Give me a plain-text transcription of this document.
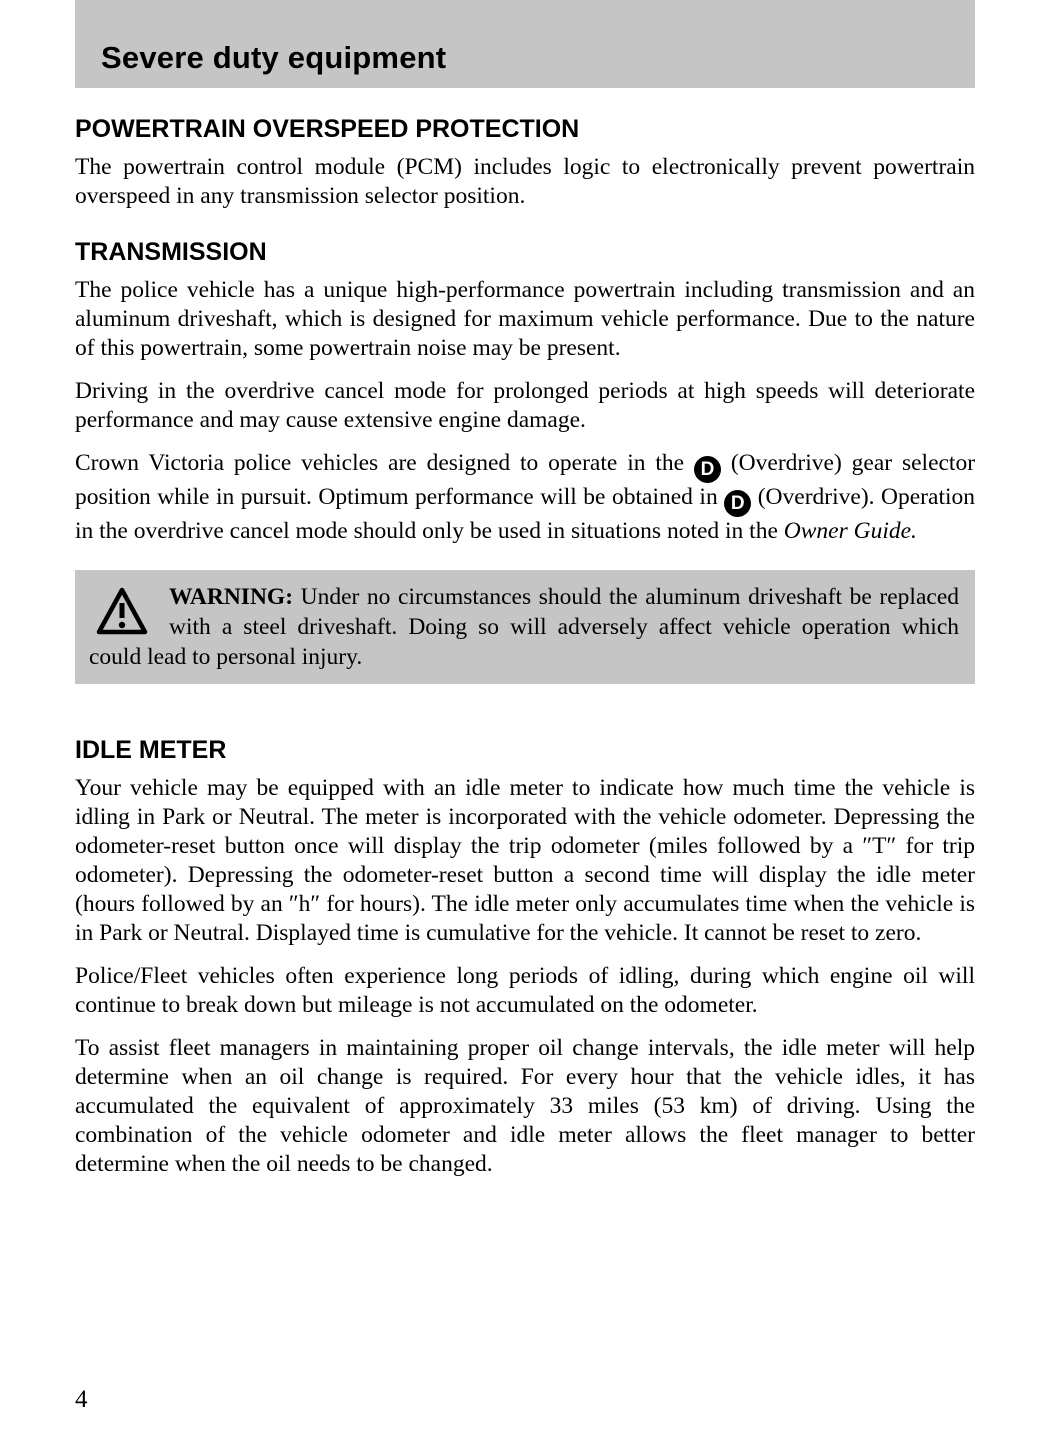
Severe duty equipment
POWERTRAIN OVERSPEED PROTECTION

The powertrain control module (PCM) includes logic to electronically prevent powertrain overspeed in any transmission selector position.

TRANSMISSION

The police vehicle has a unique high-performance powertrain including transmission and an aluminum driveshaft, which is designed for maximum vehicle performance. Due to the nature of this powertrain, some powertrain noise may be present.

Driving in the overdrive cancel mode for prolonged periods at high speeds will deteriorate performance and may cause extensive engine damage.

Crown Victoria police vehicles are designed to operate in the D (Overdrive) gear selector position while in pursuit. Optimum performance will be obtained in D (Overdrive). Operation in the overdrive cancel mode should only be used in situations noted in the Owner Guide.

WARNING: Under no circumstances should the aluminum driveshaft be replaced with a steel driveshaft. Doing so will adversely affect vehicle operation which could lead to personal injury.

IDLE METER

Your vehicle may be equipped with an idle meter to indicate how much time the vehicle is idling in Park or Neutral. The meter is incorporated with the vehicle odometer. Depressing the odometer-reset button once will display the trip odometer (miles followed by a ″T″ for trip odometer). Depressing the odometer-reset button a second time will display the idle meter (hours followed by an ″h″ for hours). The idle meter only accumulates time when the vehicle is in Park or Neutral. Displayed time is cumulative for the vehicle. It cannot be reset to zero.

Police/Fleet vehicles often experience long periods of idling, during which engine oil will continue to break down but mileage is not accumulated on the odometer.

To assist fleet managers in maintaining proper oil change intervals, the idle meter will help determine when an oil change is required. For every hour that the vehicle idles, it has accumulated the equivalent of approximately 33 miles (53 km) of driving. Using the combination of the vehicle odometer and idle meter allows the fleet manager to better determine when the oil needs to be changed.

4
